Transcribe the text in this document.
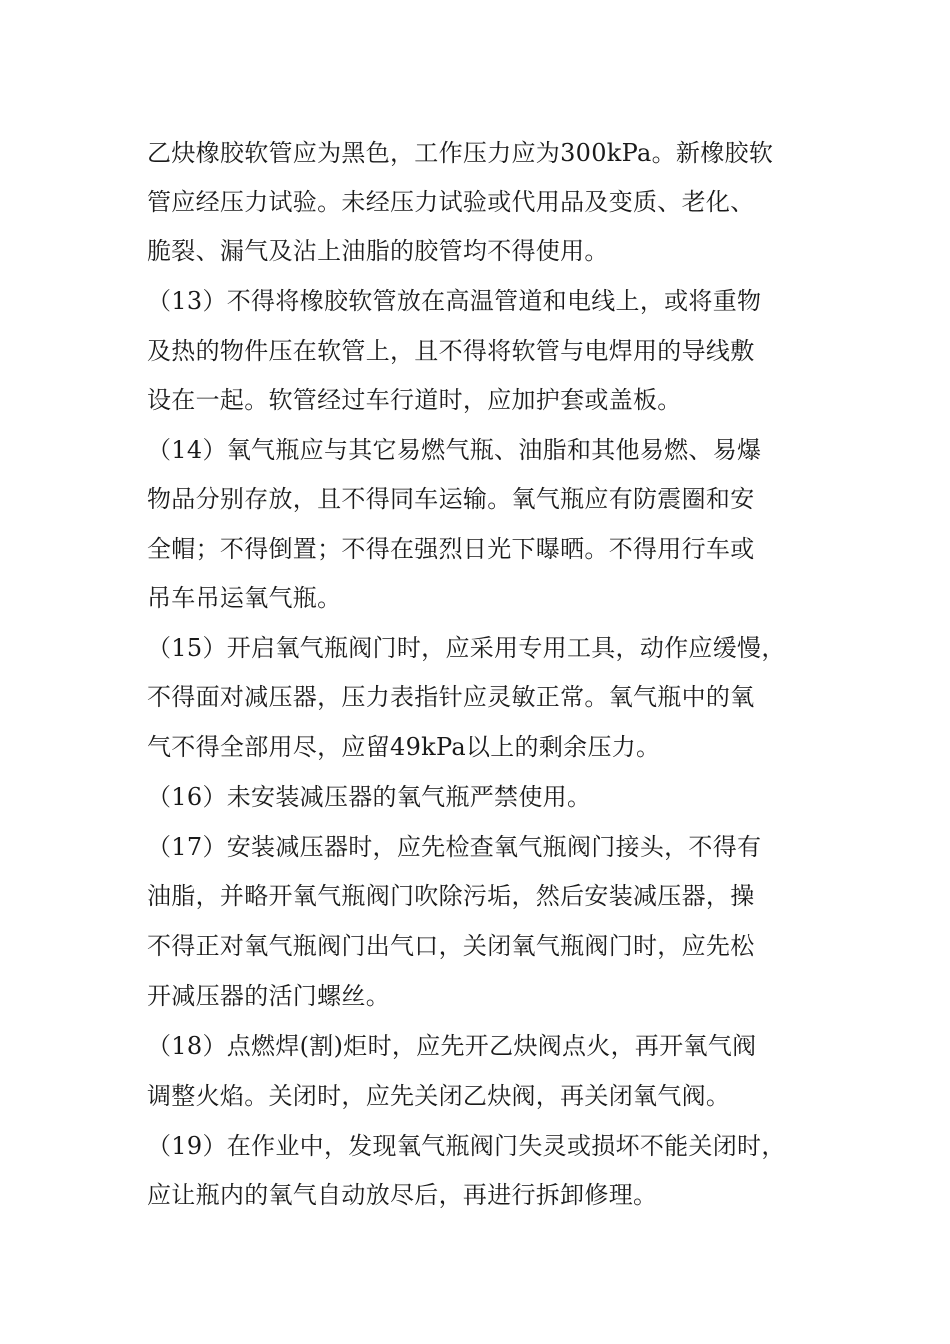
乙炔橡胶软管应为黑色，工作压力应为300kPa。新橡胶软
管应经压力试验。未经压力试验或代用品及变质、老化、
脆裂、漏气及沾上油脂的胶管均不得使用。
（13）不得将橡胶软管放在高温管道和电线上，或将重物
及热的物件压在软管上，且不得将软管与电焊用的导线敷
设在一起。软管经过车行道时，应加护套或盖板。
（14）氧气瓶应与其它易燃气瓶、油脂和其他易燃、易爆
物品分别存放，且不得同车运输。氧气瓶应有防震圈和安
全帽；不得倒置；不得在强烈日光下曝晒。不得用行车或
吊车吊运氧气瓶。
（15）开启氧气瓶阀门时，应采用专用工具，动作应缓慢，
不得面对减压器，压力表指针应灵敏正常。氧气瓶中的氧
气不得全部用尽，应留49kPa以上的剩余压力。
（16）未安装减压器的氧气瓶严禁使用。
（17）安装减压器时，应先检查氧气瓶阀门接头，不得有
油脂，并略开氧气瓶阀门吹除污垢，然后安装减压器，操
不得正对氧气瓶阀门出气口，关闭氧气瓶阀门时，应先松
开减压器的活门螺丝。
（18）点燃焊(割)炬时，应先开乙炔阀点火，再开氧气阀
调整火焰。关闭时，应先关闭乙炔阀，再关闭氧气阀。
（19）在作业中，发现氧气瓶阀门失灵或损坏不能关闭时，
应让瓶内的氧气自动放尽后，再进行拆卸修理。
